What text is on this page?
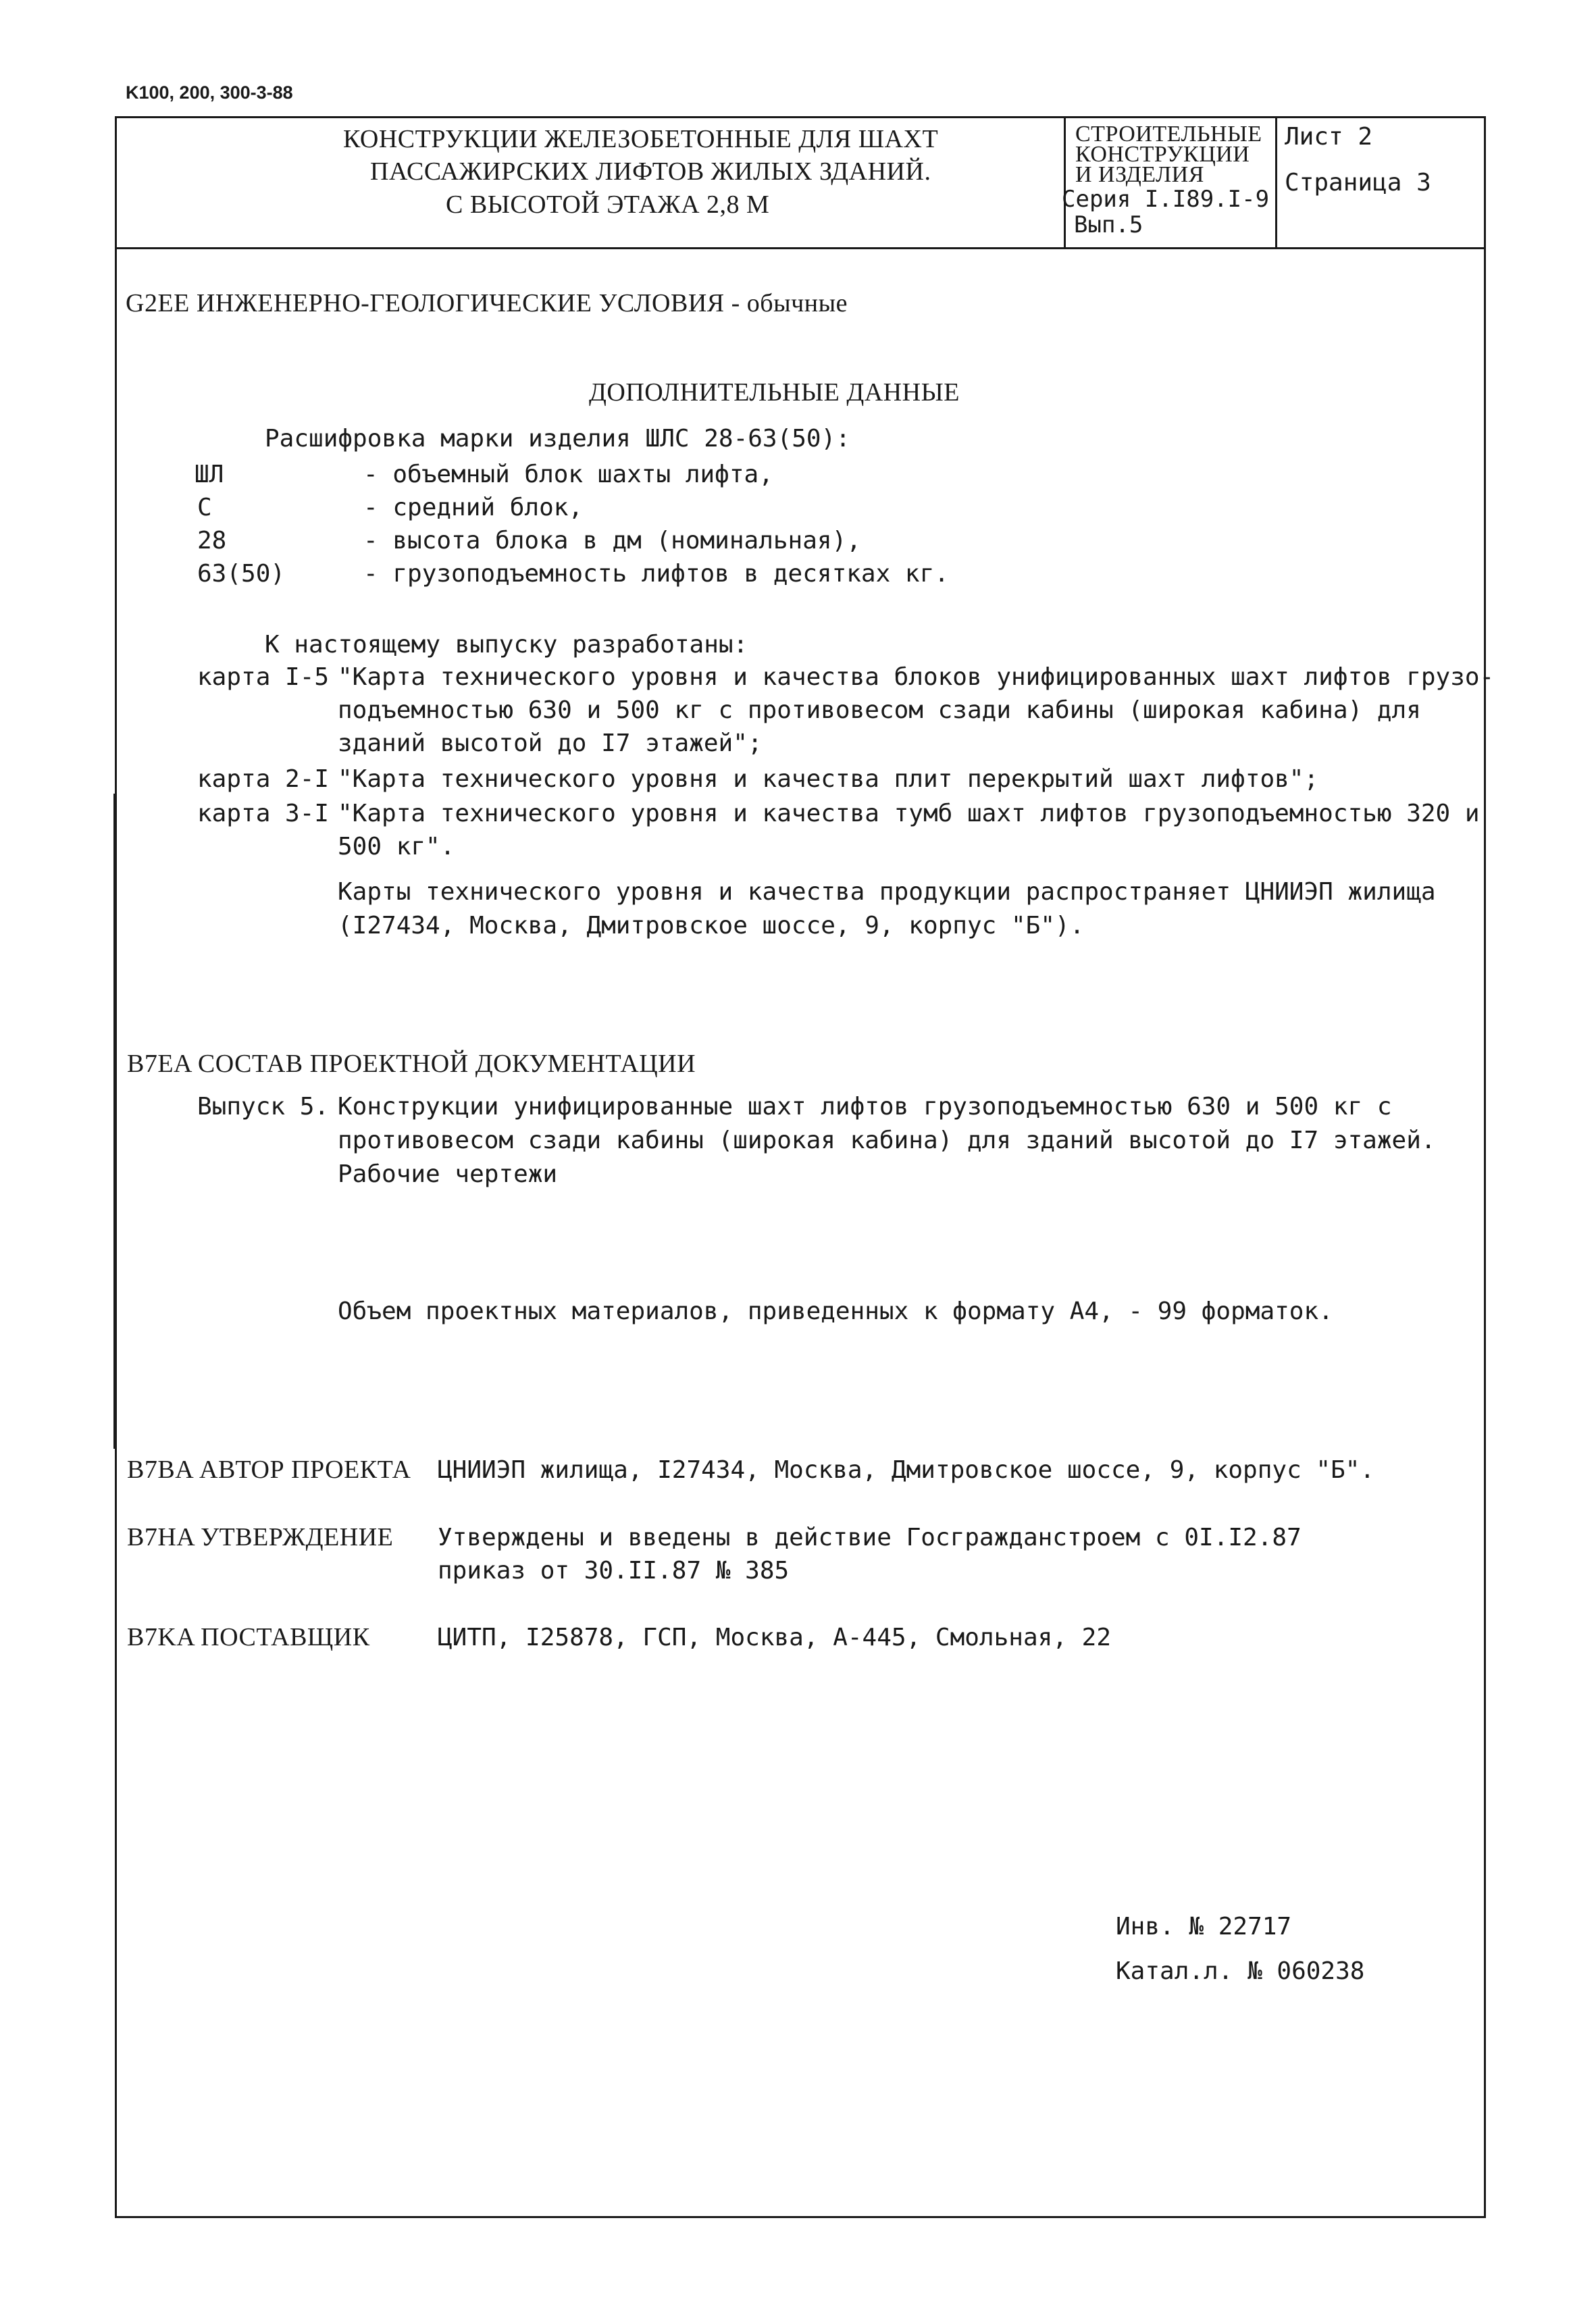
K100, 200, 300-3-88
КОНСТРУКЦИИ ЖЕЛЕЗОБЕТОННЫЕ ДЛЯ ШАХТ
ПАССАЖИРСКИХ ЛИФТОВ ЖИЛЫХ ЗДАНИЙ.
С ВЫСОТОЙ ЭТАЖА 2,8 М
СТРОИТЕЛЬНЫЕ
КОНСТРУКЦИИ
И ИЗДЕЛИЯ
Серия I.I89.I-9
Вып.5
Лист 2
Страница 3
G2EE ИНЖЕНЕРНО-ГЕОЛОГИЧЕСКИЕ УСЛОВИЯ - обычные
ДОПОЛНИТЕЛЬНЫЕ ДАННЫЕ
Расшифровка марки изделия ШЛС 28-63(50):
ШЛ	- объемный блок шахты лифта,
С	- средний блок,
28	- высота блока в дм (номинальная),
63(50)	- грузоподъемность лифтов в десятках кг.
К настоящему выпуску разработаны:
карта I-5 "Карта технического уровня и качества блоков унифицированных шахт лифтов грузо-
подъемностью 630 и 500 кг с противовесом сзади кабины (широкая кабина) для
зданий высотой до I7 этажей";
карта 2-I "Карта технического уровня и качества плит перекрытий шахт лифтов";
карта 3-I "Карта технического уровня и качества тумб шахт лифтов грузоподъемностью 320 и
500 кг".
Карты технического уровня и качества продукции распространяет ЦНИИЭП жилища
(I27434, Москва, Дмитровское шоссе, 9, корпус "Б").
B7EA СОСТАВ ПРОЕКТНОЙ ДОКУМЕНТАЦИИ
Выпуск 5. Конструкции унифицированные шахт лифтов грузоподъемностью 630 и 500 кг с
противовесом сзади кабины (широкая кабина) для зданий высотой до I7 этажей.
Рабочие чертежи
Объем проектных материалов, приведенных к формату А4, - 99 форматок.
B7BA АВТОР ПРОЕКТА ЦНИИЭП жилища, I27434, Москва, Дмитровское шоссе, 9, корпус "Б".
B7HA УТВЕРЖДЕНИЕ Утверждены и введены в действие Госгражданстроем с 0I.I2.87
приказ от 30.II.87 № 385
B7KA ПОСТАВЩИК	ЦИТП, I25878, ГСП, Москва, А-445, Смольная, 22
Инв. № 22717
Катал.л. № 060238
